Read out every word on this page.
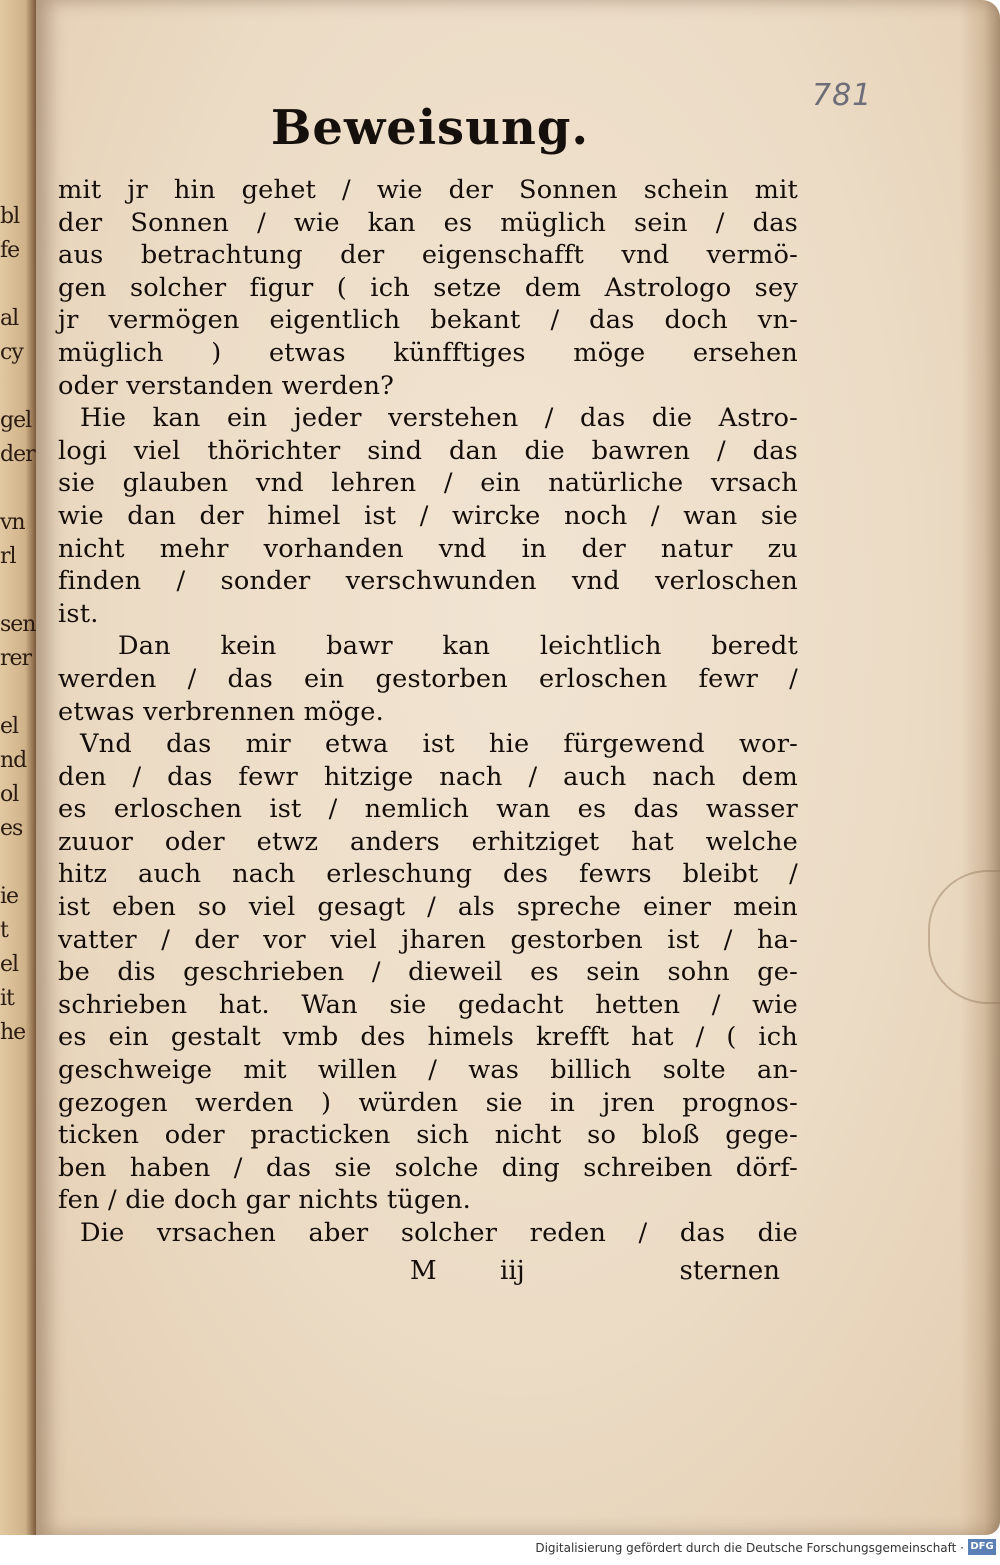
bl
fe

al
cy

gel
der

vn
rl

sen
rer

el
nd
ol
es

ie
t
el
it
he
781
Beweisung.
mit jr hin gehet / wie der Sonnen schein mit
der Sonnen / wie kan es müglich sein / das
aus betrachtung der eigenschafft vnd vermö-
gen solcher figur ( ich setze dem Astrologo sey
jr vermögen eigentlich bekant / das doch vn-
müglich ) etwas künfftiges möge ersehen
oder verstanden werden?
Hie kan ein jeder verstehen / das die Astro-
logi viel thörichter sind dan die bawren / das
sie glauben vnd lehren / ein natürliche vrsach
wie dan der himel ist / wircke noch / wan sie
nicht mehr vorhanden vnd in der natur zu
finden / sonder verschwunden vnd verloschen
ist.
Dan kein bawr kan leichtlich beredt
werden / das ein gestorben erloschen fewr /
etwas verbrennen möge.
Vnd das mir etwa ist hie fürgewend wor-
den / das fewr hitzige nach / auch nach dem
es erloschen ist / nemlich wan es das wasser
zuuor oder etwz anders erhitziget hat welche
hitz auch nach erleschung des fewrs bleibt /
ist eben so viel gesagt / als spreche einer mein
vatter / der vor viel jharen gestorben ist / ha-
be dis geschrieben / dieweil es sein sohn ge-
schrieben hat. Wan sie gedacht hetten / wie
es ein gestalt vmb des himels krefft hat / ( ich
geschweige mit willen / was billich solte an-
gezogen werden ) würden sie in jren prognos-
ticken oder practicken sich nicht so bloß gege-
ben haben / das sie solche ding schreiben dörf-
fen / die doch gar nichts tügen.
Die vrsachen aber solcher reden / das die
M iij	sternen
Digitalisierung gefördert durch die Deutsche Forschungsgemeinschaft · DFG
